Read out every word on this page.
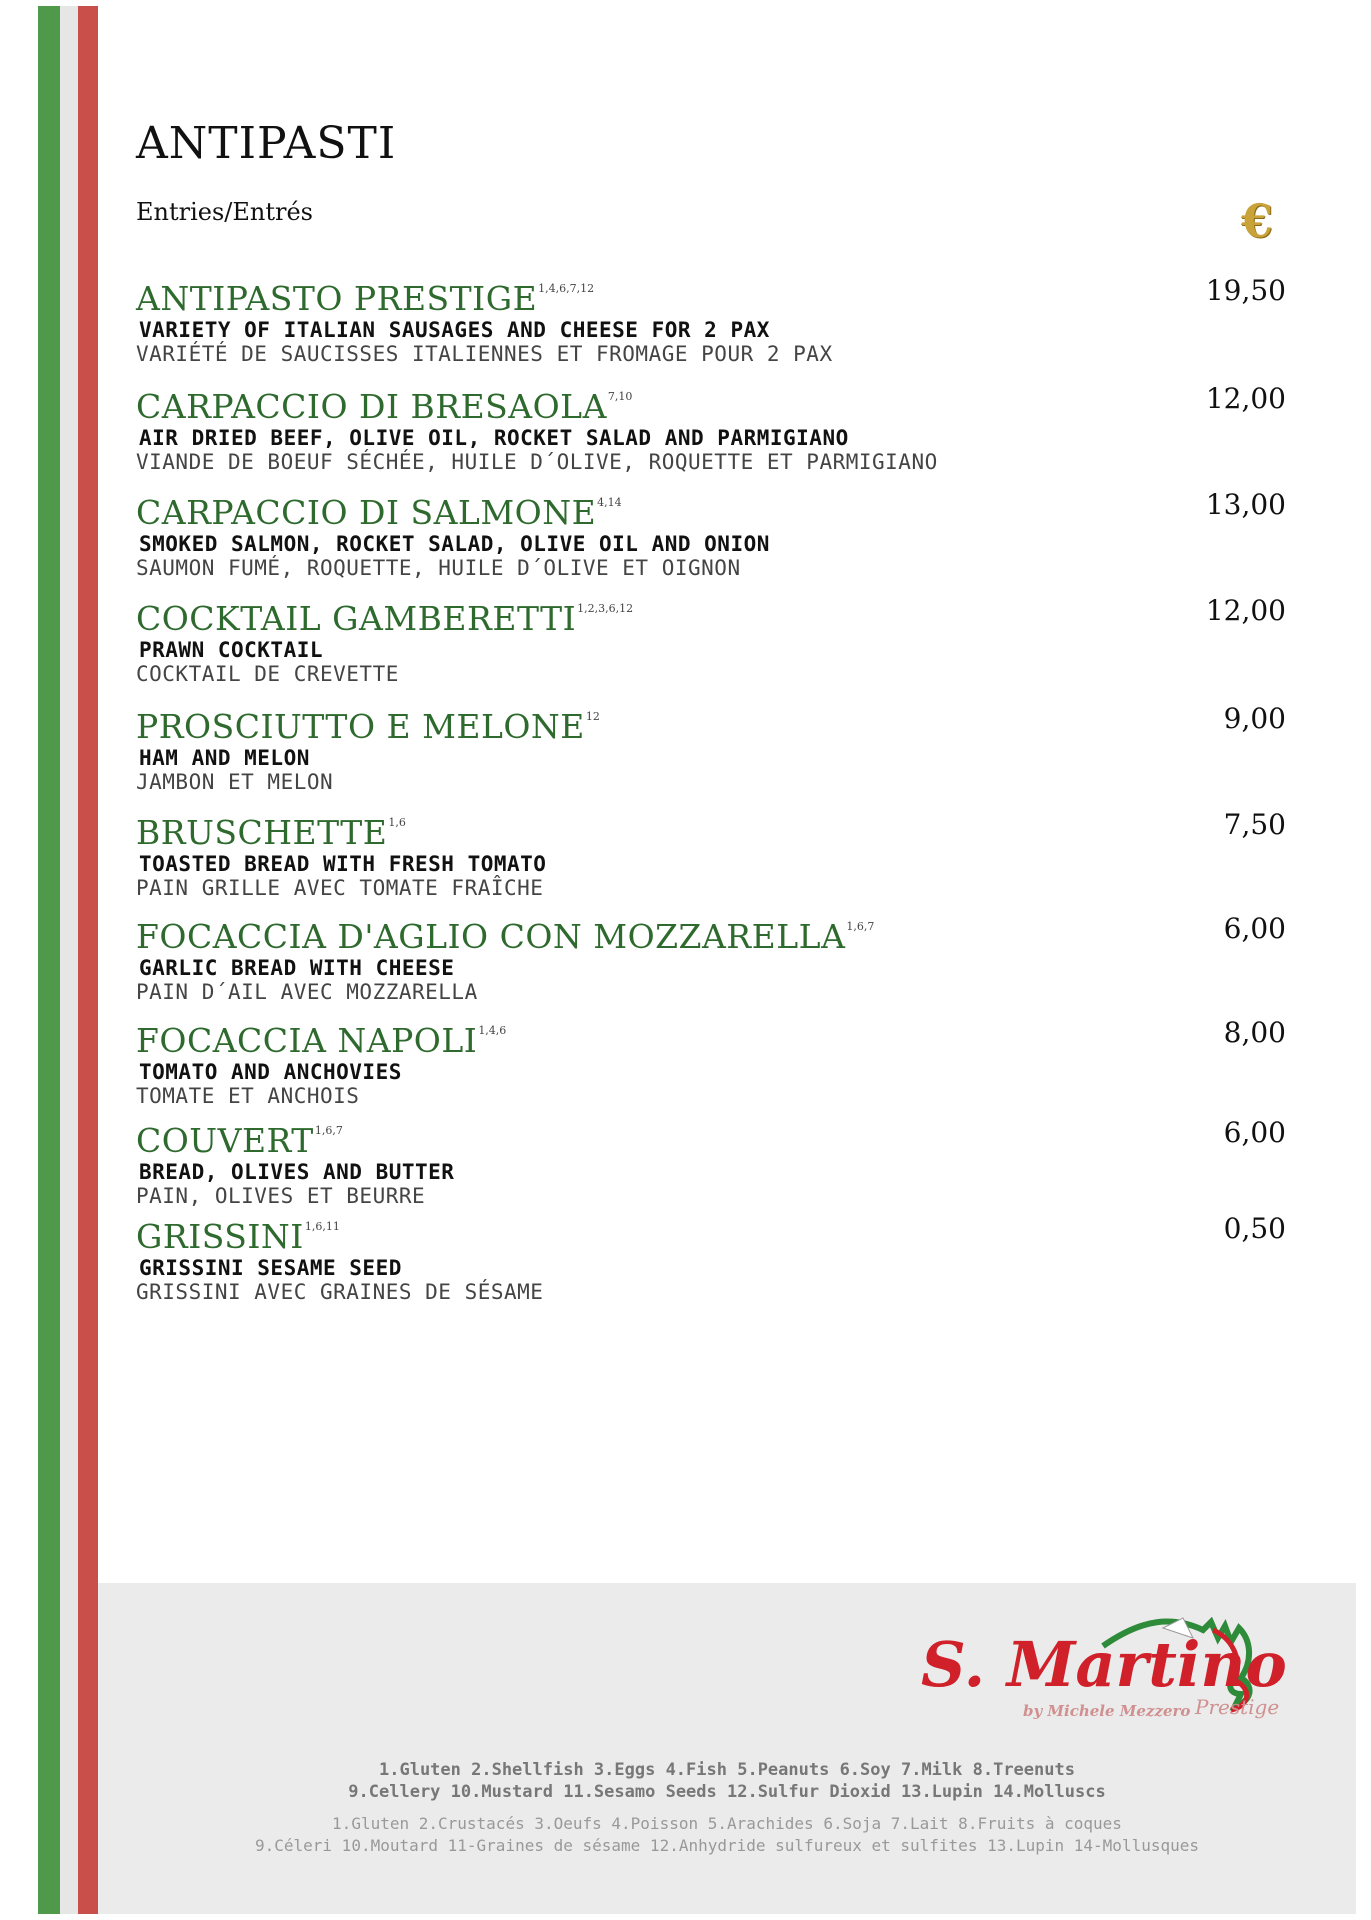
ANTIPASTI
Entries/Entrés	€
ANTIPASTO PRESTIGE$^{1,4,6,7,12}$
VARIETY OF ITALIAN SAUSAGES AND CHEESE FOR 2 PAX
VARIÉTÉ DE SAUCISSES ITALIENNES ET FROMAGE POUR 2 PAX
19,50
CARPACCIO DI BRESAOLA$^{7,10}$
AIR DRIED BEEF, OLIVE OIL, ROCKET SALAD AND PARMIGIANO
VIANDE DE BOEUF SÉCHÉE, HUILE D´OLIVE, ROQUETTE ET PARMIGIANO
12,00
CARPACCIO DI SALMONE$^{4,14}$
SMOKED SALMON, ROCKET SALAD, OLIVE OIL AND ONION
SAUMON FUMÉ, ROQUETTE, HUILE D´OLIVE ET OIGNON
13,00
COCKTAIL GAMBERETTI$^{1,2,3,6,12}$
PRAWN COCKTAIL
COCKTAIL DE CREVETTE
12,00
PROSCIUTTO E MELONE$^{12}$
HAM AND MELON
JAMBON ET MELON
9,00
BRUSCHETTE$^{1,6}$
TOASTED BREAD WITH FRESH TOMATO
PAIN GRILLE AVEC TOMATE FRAÎCHE
7,50
FOCACCIA D'AGLIO CON MOZZARELLA$^{1,6,7}$
GARLIC BREAD WITH CHEESE
PAIN D´AIL AVEC MOZZARELLA
6,00
FOCACCIA NAPOLI$^{1,4,6}$
TOMATO AND ANCHOVIES
TOMATE ET ANCHOIS
8,00
COUVERT$^{1,6,7}$
BREAD, OLIVES AND BUTTER
PAIN, OLIVES ET BEURRE
6,00
GRISSINI$^{1,6,11}$
GRISSINI SESAME SEED
GRISSINI AVEC GRAINES DE SÉSAME
0,50
S. Martino
by Michele Mezzero Prestige
1.Gluten 2.Shellfish 3.Eggs 4.Fish 5.Peanuts 6.Soy 7.Milk 8.Treenuts
9.Cellery 10.Mustard 11.Sesamo Seeds 12.Sulfur Dioxid 13.Lupin 14.Molluscs
1.Gluten 2.Crustacés 3.Oeufs 4.Poisson 5.Arachides 6.Soja 7.Lait 8.Fruits à coques
9.Céleri 10.Moutard 11-Graines de sésame 12.Anhydride sulfureux et sulfites 13.Lupin 14-Mollusques
